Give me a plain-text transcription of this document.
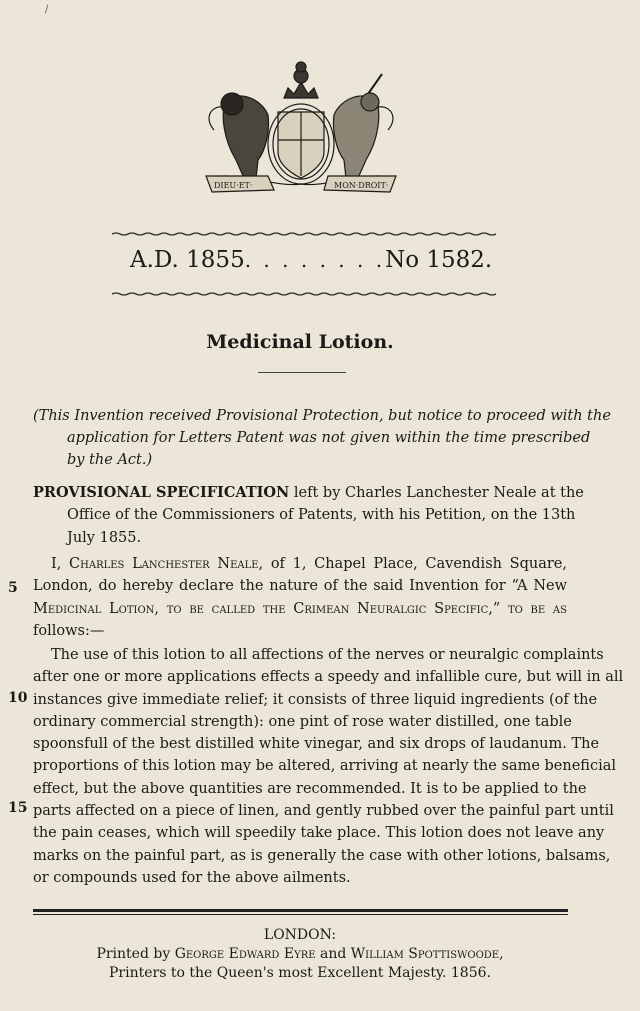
/
DIEU·ET·	MON·DROIT·
A.D. 1855 . . . . . . . . No 1582.
Medicinal Lotion.
(This Invention received Provisional Protection, but notice to proceed with the
application for Letters Patent was not given within the time prescribed
by the Act.)
PROVISIONAL SPECIFICATION left by Charles Lanchester Neale at the
Office of the Commissioners of Patents, with his Petition, on the 13th
July 1855.
I, Charles Lanchester Neale, of 1, Chapel Place, Cavendish Square,
London, do hereby declare the nature of the said Invention for “A New
Medicinal Lotion, to be called the Crimean Neuralgic Specific,” to be as
follows:—
The use of this lotion to all affections of the nerves or neuralgic complaints
after one or more applications effects a speedy and infallible cure, but will in all
instances give immediate relief; it consists of three liquid ingredients (of the
ordinary commercial strength): one pint of rose water distilled, one table
spoonsfull of the best distilled white vinegar, and six drops of laudanum. The
proportions of this lotion may be altered, arriving at nearly the same beneficial
effect, but the above quantities are recommended. It is to be applied to the
parts affected on a piece of linen, and gently rubbed over the painful part until
the pain ceases, which will speedily take place. This lotion does not leave any
marks on the painful part, as is generally the case with other lotions, balsams,
or compounds used for the above ailments.
5
10
15
LONDON:
Printed by George Edward Eyre and William Spottiswoode,
Printers to the Queen's most Excellent Majesty. 1856.
